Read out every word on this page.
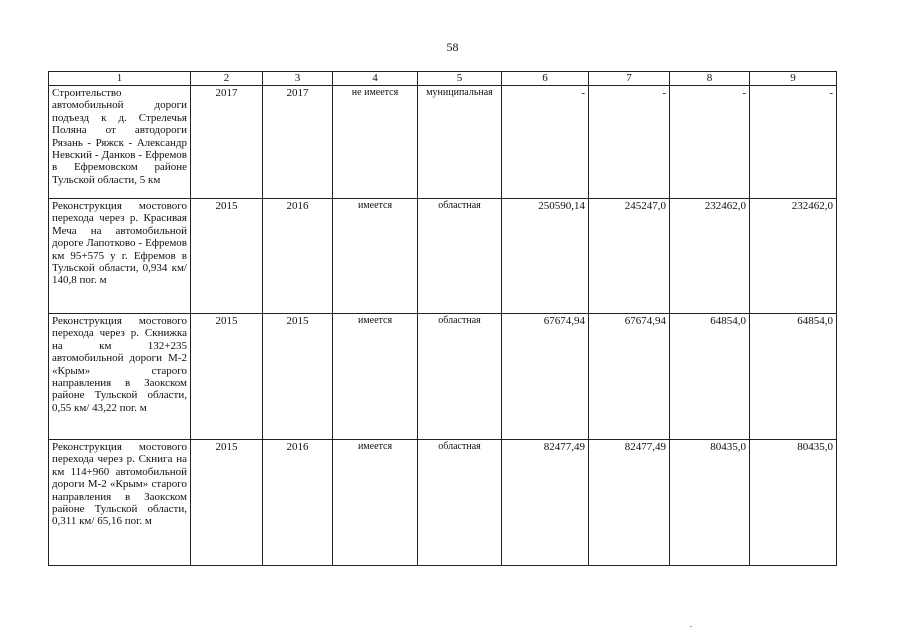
58
1	2	3	4	5	6	7	8	9
Строительство автомобильной дороги подъезд к д. Стрелечья Поляна от автодороги Рязань - Ряжск - Александр Невский - Данков - Ефремов в Ефремовском районе Тульской области, 5 км	2017	2017	не имеется	муниципальная	-	-	-	-
Реконструкция мостового перехода через р. Красивая Меча на автомобильной дороге Лапотково - Ефремов км 95+575 у г. Ефремов в Тульской области, 0,934 км/ 140,8 пог. м	2015	2016	имеется	областная	250590,14	245247,0	232462,0	232462,0
Реконструкция мостового перехода через р. Скнижка на км 132+235 автомобильной дороги М-2 «Крым» старого направления в Заокском районе Тульской области, 0,55 км/ 43,22 пог. м	2015	2015	имеется	областная	67674,94	67674,94	64854,0	64854,0
Реконструкция мостового перехода через р. Скнига на км 114+960 автомобильной дороги М-2 «Крым» старого направления в Заокском районе Тульской области, 0,311 км/ 65,16 пог. м	2015	2016	имеется	областная	82477,49	82477,49	80435,0	80435,0
